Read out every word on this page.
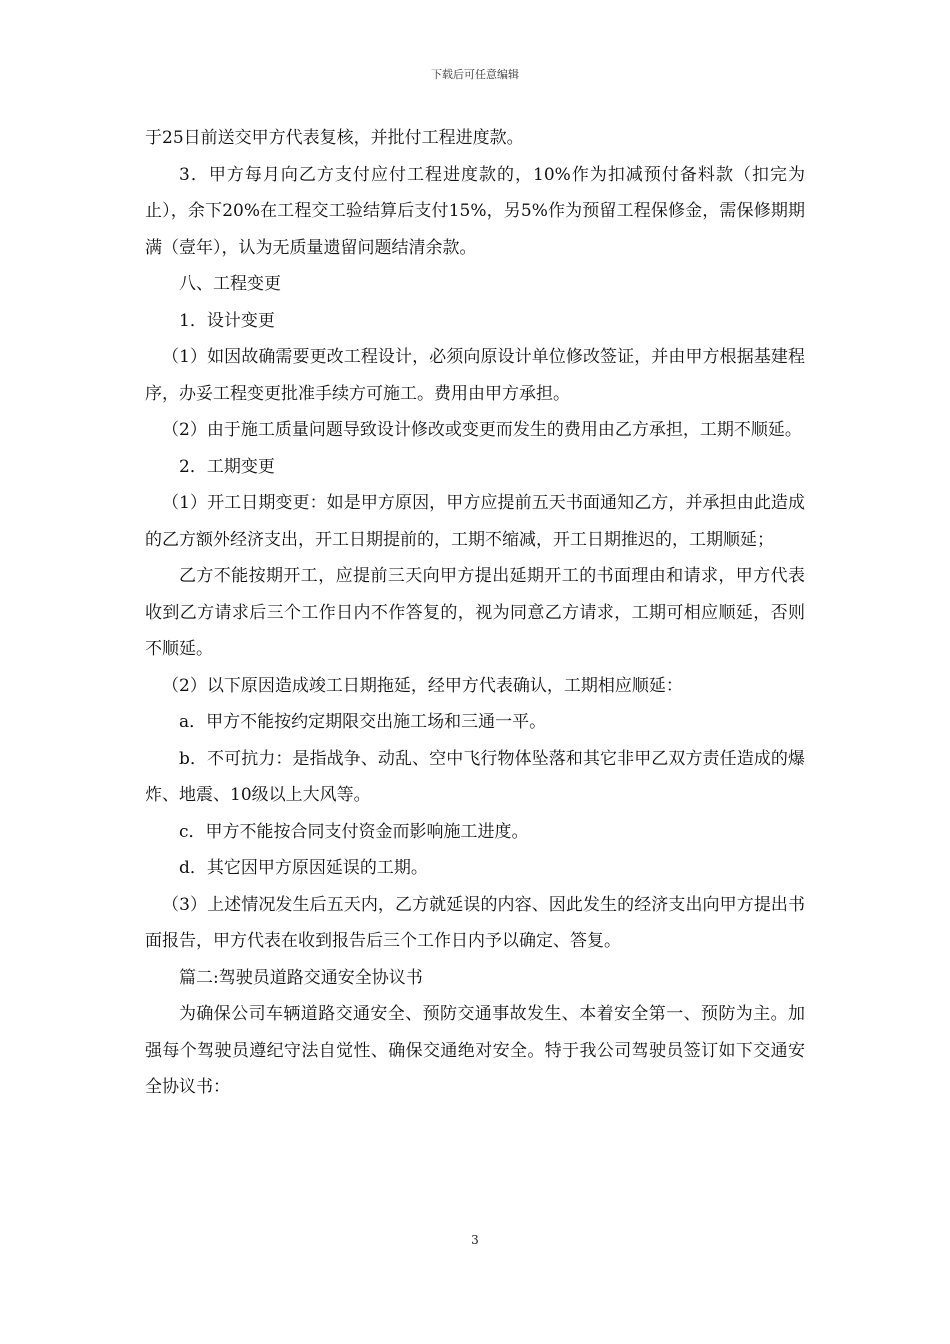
下载后可任意编辑

于25日前送交甲方代表复核，并批付工程进度款。

3．甲方每月向乙方支付应付工程进度款的，10%作为扣减预付备料款（扣完为止），余下20%在工程交工验结算后支付15%，另5%作为预留工程保修金，需保修期期满（壹年），认为无质量遗留问题结清余款。

八、工程变更

1．设计变更

（1）如因故确需要更改工程设计，必须向原设计单位修改签证，并由甲方根据基建程序，办妥工程变更批准手续方可施工。费用由甲方承担。

（2）由于施工质量问题导致设计修改或变更而发生的费用由乙方承担，工期不顺延。

2．工期变更

（1）开工日期变更：如是甲方原因，甲方应提前五天书面通知乙方，并承担由此造成的乙方额外经济支出，开工日期提前的，工期不缩减，开工日期推迟的，工期顺延；

乙方不能按期开工，应提前三天向甲方提出延期开工的书面理由和请求，甲方代表收到乙方请求后三个工作日内不作答复的，视为同意乙方请求，工期可相应顺延，否则不顺延。

（2）以下原因造成竣工日期拖延，经甲方代表确认，工期相应顺延：

a．甲方不能按约定期限交出施工场和三通一平。

b．不可抗力：是指战争、动乱、空中飞行物体坠落和其它非甲乙双方责任造成的爆炸、地震、10级以上大风等。

c．甲方不能按合同支付资金而影响施工进度。

d．其它因甲方原因延误的工期。

（3）上述情况发生后五天内，乙方就延误的内容、因此发生的经济支出向甲方提出书面报告，甲方代表在收到报告后三个工作日内予以确定、答复。

篇二:驾驶员道路交通安全协议书

为确保公司车辆道路交通安全、预防交通事故发生、本着安全第一、预防为主。加强每个驾驶员遵纪守法自觉性、确保交通绝对安全。特于我公司驾驶员签订如下交通安全协议书：

3
